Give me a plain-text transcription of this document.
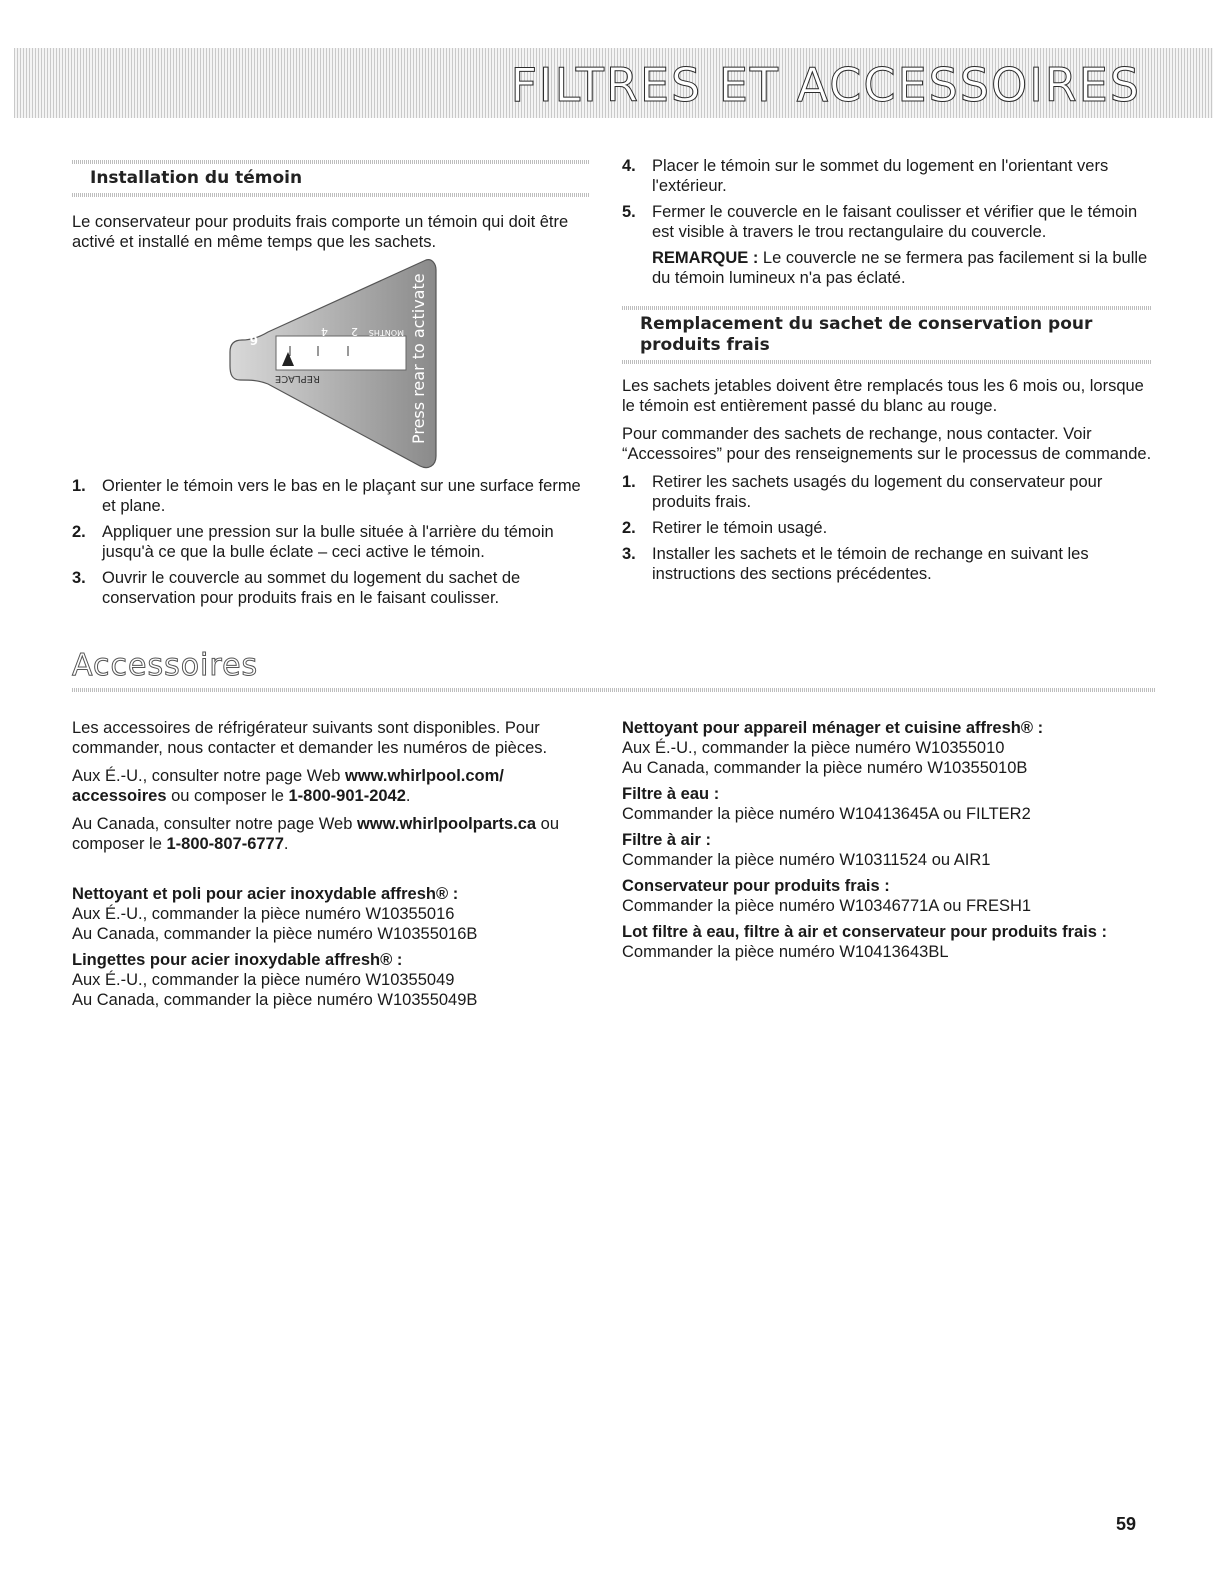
FILTRES ET ACCESSOIRES
Installation du témoin

Le conservateur pour produits frais comporte un témoin qui doit être activé et installé en même temps que les sachets.

6
4 2 MONTHS
REPLACE	Press rear to activate
1. Orienter le témoin vers le bas en le plaçant sur une surface ferme et plane.
2. Appliquer une pression sur la bulle située à l'arrière du témoin jusqu'à ce que la bulle éclate – ceci active le témoin.
3. Ouvrir le couvercle au sommet du logement du sachet de conservation pour produits frais en le faisant coulisser.
4. Placer le témoin sur le sommet du logement en l'orientant vers l'extérieur.
5. Fermer le couvercle en le faisant coulisser et vérifier que le témoin est visible à travers le trou rectangulaire du couvercle.

REMARQUE : Le couvercle ne se fermera pas facilement si la bulle du témoin lumineux n'a pas éclaté.

Remplacement du sachet de conservation pour produits frais

Les sachets jetables doivent être remplacés tous les 6 mois ou, lorsque le témoin est entièrement passé du blanc au rouge.

Pour commander des sachets de rechange, nous contacter. Voir “Accessoires” pour des renseignements sur le processus de commande.

1. Retirer les sachets usagés du logement du conservateur pour produits frais.
2. Retirer le témoin usagé.
3. Installer les sachets et le témoin de rechange en suivant les instructions des sections précédentes.
Accessoires

Les accessoires de réfrigérateur suivants sont disponibles. Pour commander, nous contacter et demander les numéros de pièces.

Aux É.-U., consulter notre page Web www.whirlpool.com/ accessoires ou composer le 1-800-901-2042.

Au Canada, consulter notre page Web www.whirlpoolparts.ca ou composer le 1-800-807-6777.

Nettoyant et poli pour acier inoxydable affresh® :
Aux É.-U., commander la pièce numéro W10355016
Au Canada, commander la pièce numéro W10355016B
Lingettes pour acier inoxydable affresh® :
Aux É.-U., commander la pièce numéro W10355049
Au Canada, commander la pièce numéro W10355049B
Nettoyant pour appareil ménager et cuisine affresh® :
Aux É.-U., commander la pièce numéro W10355010
Au Canada, commander la pièce numéro W10355010B
Filtre à eau :
Commander la pièce numéro W10413645A ou FILTER2
Filtre à air :
Commander la pièce numéro W10311524 ou AIR1
Conservateur pour produits frais :
Commander la pièce numéro W10346771A ou FRESH1
Lot filtre à eau, filtre à air et conservateur pour produits frais :
Commander la pièce numéro W10413643BL
59
